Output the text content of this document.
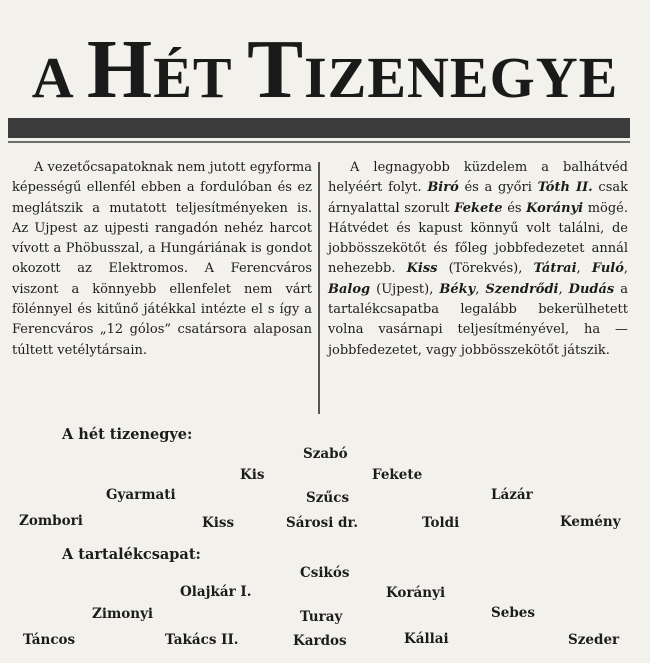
A HÉT TIZENEGYE

A vezetőcsapatoknak nem jutott egyforma képességű ellenfél ebben a fordulóban és ez meglátszik a mutatott teljesítményeken is. Az Ujpest az ujpesti rangadón nehéz harcot vívott a Phöbusszal, a Hungáriának is gondot okozott az Elektromos. A Ferencváros viszont a könnyebb ellenfelet nem várt fölénnyel és kitűnő játékkal intézte el s így a Ferencváros „12 gólos” csatársora alaposan túltett vetélytársain.

A legnagyobb küzdelem a balhátvéd helyéért folyt. Biró és a győri Tóth II. csak árnyalattal szorult Fekete és Korányi mögé. Hátvédet és kapust könnyű volt találni, de jobbösszekötőt és főleg jobbfedezetet annál nehezebb. Kiss (Törekvés), Tátrai, Fuló, Balog (Ujpest), Béky, Szendrődi, Dudás a tartalékcsapatba legalább bekerülhetett volna vasárnapi teljesítményével, ha — jobbfedezetet, vagy jobbösszekötőt játszik.

A hét tizenegye:
Szabó
Kis	Fekete
Gyarmati	Szűcs	Lázár
Zombori	Kiss	Sárosi dr.	Toldi	Kemény
A tartalékcsapat:
Csikós
Olajkár I.	Korányi
Zimonyi	Turay	Sebes
Táncos	Takács II.	Kardos	Kállai	Szeder
